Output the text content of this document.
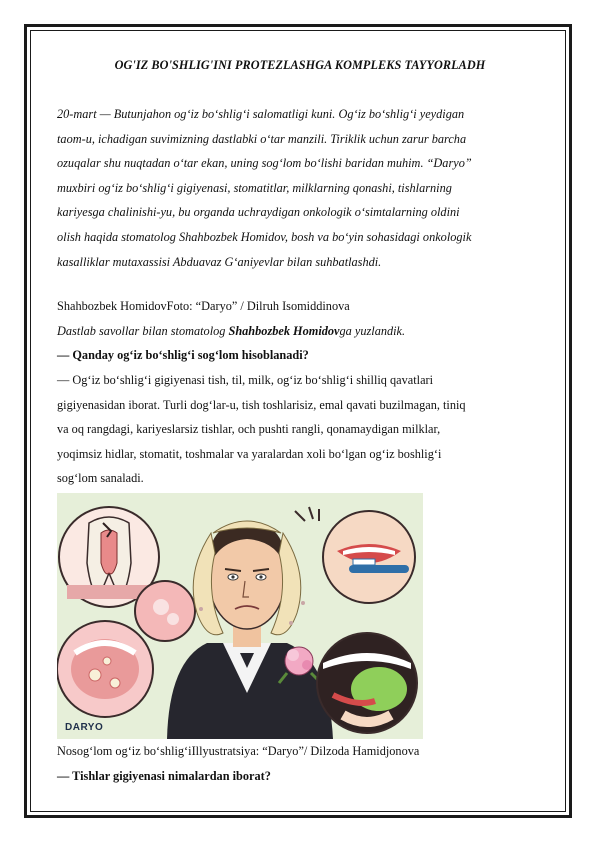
OG'IZ BO'SHLIG'INI PROTEZLASHGA KOMPLEKS TAYYORLADH

20-mart — Butunjahon og‘iz bo‘shlig‘i salomatligi kuni. Og‘iz bo‘shlig‘i yeydigan

taom-u, ichadigan suvimizning dastlabki o‘tar manzili. Tiriklik uchun zarur barcha

ozuqalar shu nuqtadan o‘tar ekan, uning sog‘lom bo‘lishi baridan muhim. “Daryo”

muxbiri og‘iz bo‘shlig‘i gigiyenasi, stomatitlar, milklarning qonashi, tishlarning

kariyesga chalinishi-yu, bu organda uchraydigan onkologik o‘simtalarning oldini

olish haqida stomatolog Shahbozbek Homidov, bosh va bo‘yin sohasidagi onkologik

kasalliklar mutaxassisi Abduavaz G‘aniyevlar bilan suhbatlashdi.

Shahbozbek HomidovFoto: “Daryo” / Dilruh Isomiddinova

Dastlab savollar bilan stomatolog Shahbozbek Homidovga yuzlandik.

— Qanday og‘iz bo‘shlig‘i sog‘lom hisoblanadi?

— Og‘iz bo‘shlig‘i gigiyenasi tish, til, milk, og‘iz bo‘shlig‘i shilliq qavatlari

gigiyenasidan iborat. Turli dog‘lar-u, tish toshlarisiz, emal qavati buzilmagan, tiniq

va oq rangdagi, kariyeslarsiz tishlar, och pushti rangli, qonamaydigan milklar,

yoqimsiz hidlar, stomatit, toshmalar va yaralardan xoli bo‘lgan og‘iz boshlig‘i

sog‘lom sanaladi.

DARYO

Nosog‘lom og‘iz bo‘shlig‘iIllyustratsiya: “Daryo”/ Dilzoda Hamidjonova

— Tishlar gigiyenasi nimalardan iborat?
